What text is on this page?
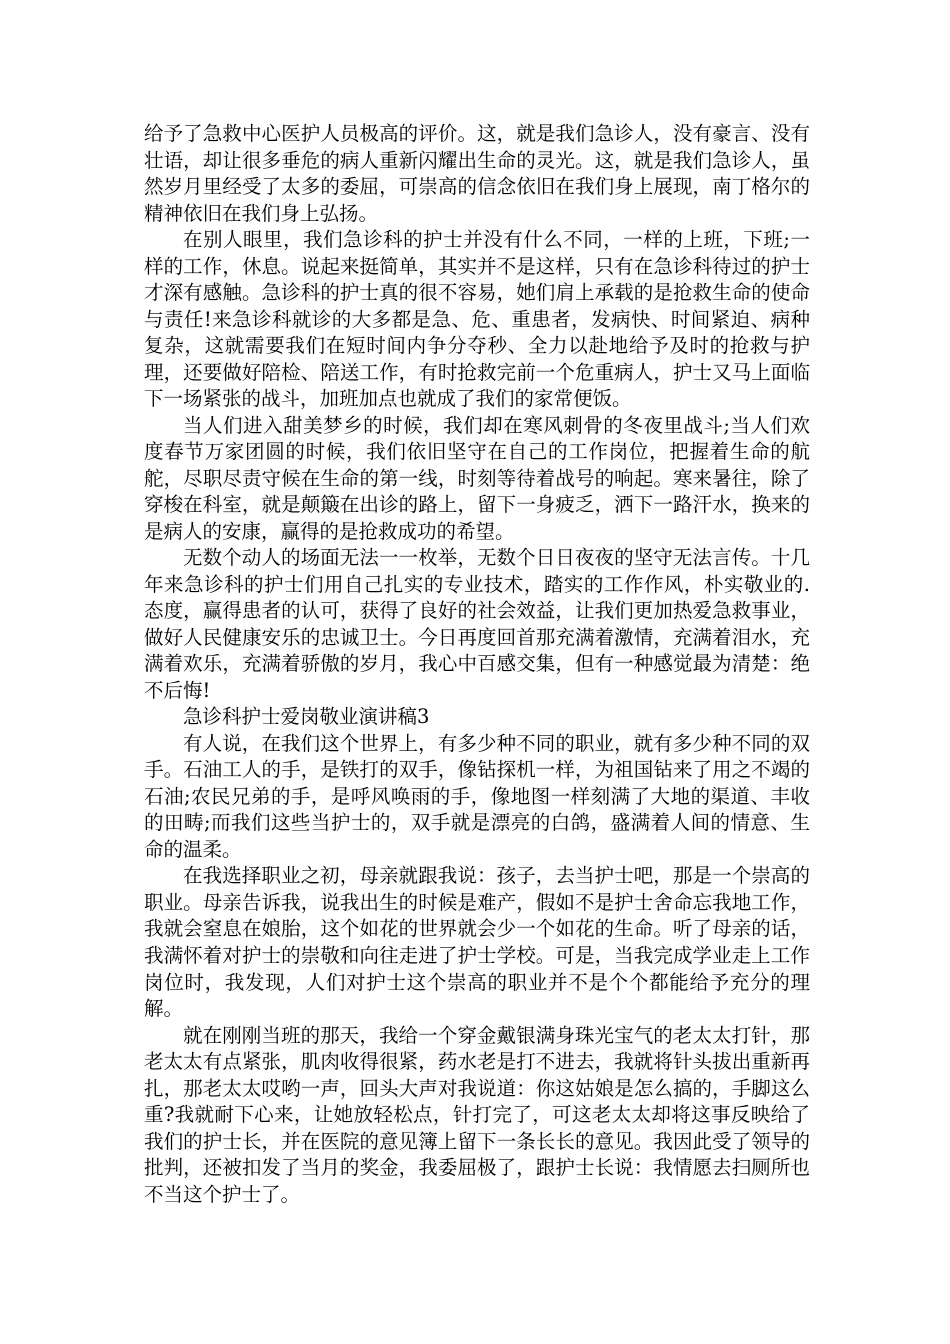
给予了急救中心医护人员极高的评价。这，就是我们急诊人，没有豪言、没有壮语，却让很多垂危的病人重新闪耀出生命的灵光。这，就是我们急诊人，虽然岁月里经受了太多的委屈，可崇高的信念依旧在我们身上展现，南丁格尔的精神依旧在我们身上弘扬。

在别人眼里，我们急诊科的护士并没有什么不同，一样的上班，下班;一样的工作，休息。说起来挺简单，其实并不是这样，只有在急诊科待过的护士才深有感触。急诊科的护士真的很不容易，她们肩上承载的是抢救生命的使命与责任!来急诊科就诊的大多都是急、危、重患者，发病快、时间紧迫、病种复杂，这就需要我们在短时间内争分夺秒、全力以赴地给予及时的抢救与护理，还要做好陪检、陪送工作，有时抢救完前一个危重病人，护士又马上面临下一场紧张的战斗，加班加点也就成了我们的家常便饭。

当人们进入甜美梦乡的时候，我们却在寒风刺骨的冬夜里战斗;当人们欢度春节万家团圆的时候，我们依旧坚守在自己的工作岗位，把握着生命的航舵，尽职尽责守候在生命的第一线，时刻等待着战号的响起。寒来暑往，除了穿梭在科室，就是颠簸在出诊的路上，留下一身疲乏，洒下一路汗水，换来的是病人的安康，赢得的是抢救成功的希望。

无数个动人的场面无法一一枚举，无数个日日夜夜的坚守无法言传。十几年来急诊科的护士们用自己扎实的专业技术，踏实的工作作风，朴实敬业的.态度，赢得患者的认可，获得了良好的社会效益，让我们更加热爱急救事业，做好人民健康安乐的忠诚卫士。今日再度回首那充满着激情，充满着泪水，充满着欢乐，充满着骄傲的岁月，我心中百感交集，但有一种感觉最为清楚：绝不后悔!

急诊科护士爱岗敬业演讲稿3

有人说，在我们这个世界上，有多少种不同的职业，就有多少种不同的双手。石油工人的手，是铁打的双手，像钻探机一样，为祖国钻来了用之不竭的石油;农民兄弟的手，是呼风唤雨的手，像地图一样刻满了大地的渠道、丰收的田畴;而我们这些当护士的，双手就是漂亮的白鸽，盛满着人间的情意、生命的温柔。

在我选择职业之初，母亲就跟我说：孩子，去当护士吧，那是一个崇高的职业。母亲告诉我，说我出生的时候是难产，假如不是护士舍命忘我地工作，我就会窒息在娘胎，这个如花的世界就会少一个如花的生命。听了母亲的话，我满怀着对护士的崇敬和向往走进了护士学校。可是，当我完成学业走上工作岗位时，我发现，人们对护士这个崇高的职业并不是个个都能给予充分的理解。

就在刚刚当班的那天，我给一个穿金戴银满身珠光宝气的老太太打针，那老太太有点紧张，肌肉收得很紧，药水老是打不进去，我就将针头拔出重新再扎，那老太太哎哟一声，回头大声对我说道：你这姑娘是怎么搞的，手脚这么重?我就耐下心来，让她放轻松点，针打完了，可这老太太却将这事反映给了我们的护士长，并在医院的意见簿上留下一条长长的意见。我因此受了领导的批判，还被扣发了当月的奖金，我委屈极了，跟护士长说：我情愿去扫厕所也不当这个护士了。
